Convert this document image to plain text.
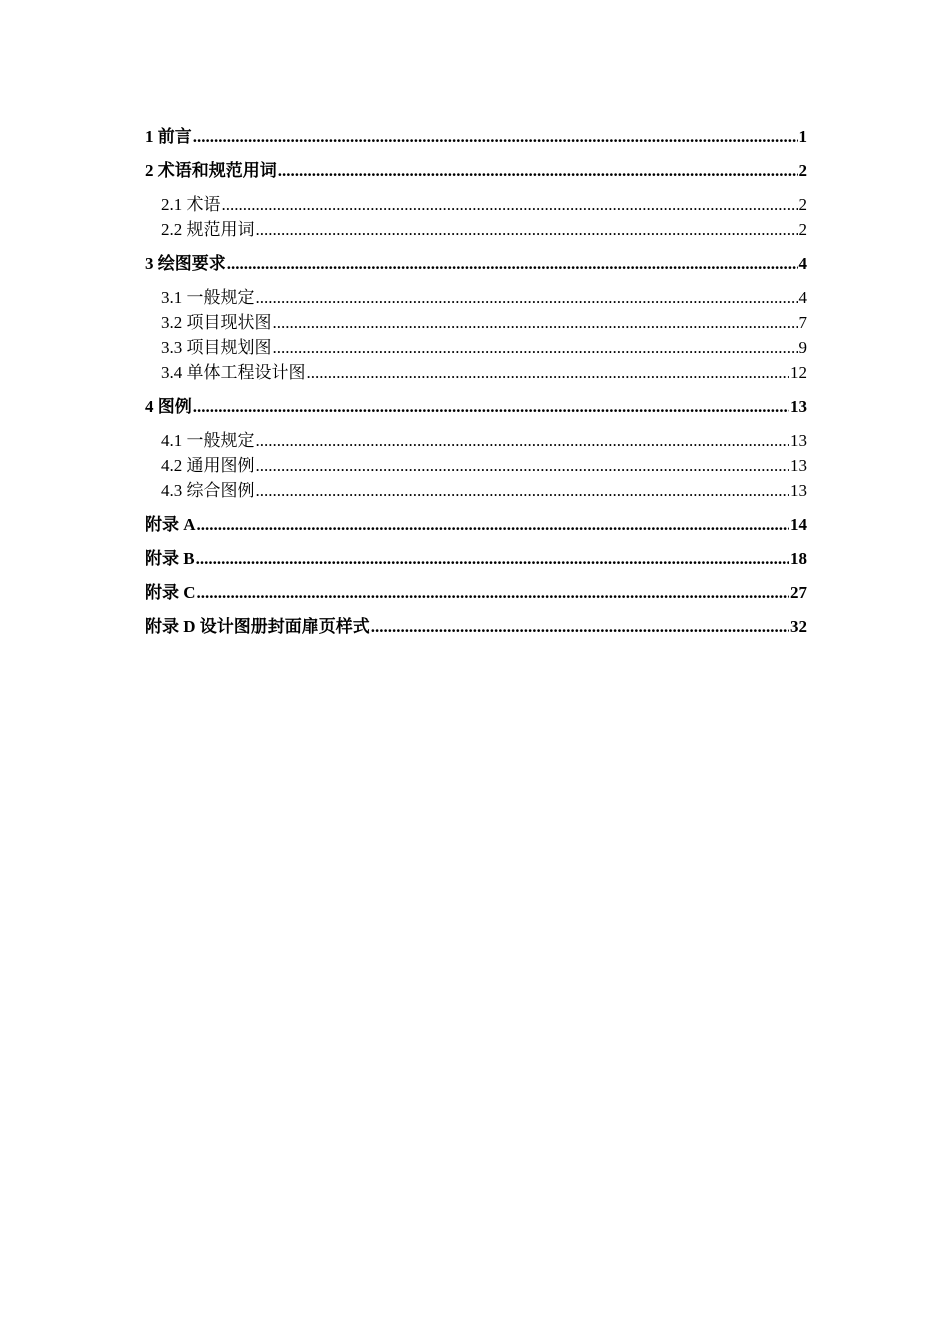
1 前言 .....	1
2 术语和规范用词 .....	2
2.1 术语 .....	2
2.2 规范用词 .....	2
3 绘图要求 .....	4
3.1 一般规定 .....	4
3.2 项目现状图 .....	7
3.3 项目规划图 .....	9
3.4 单体工程设计图 .....	12
4 图例 .....	13
4.1 一般规定 .....	13
4.2 通用图例 .....	13
4.3 综合图例 .....	13
附录 A .....	14
附录 B .....	18
附录 C .....	27
附录 D 设计图册封面扉页样式 .....	32
